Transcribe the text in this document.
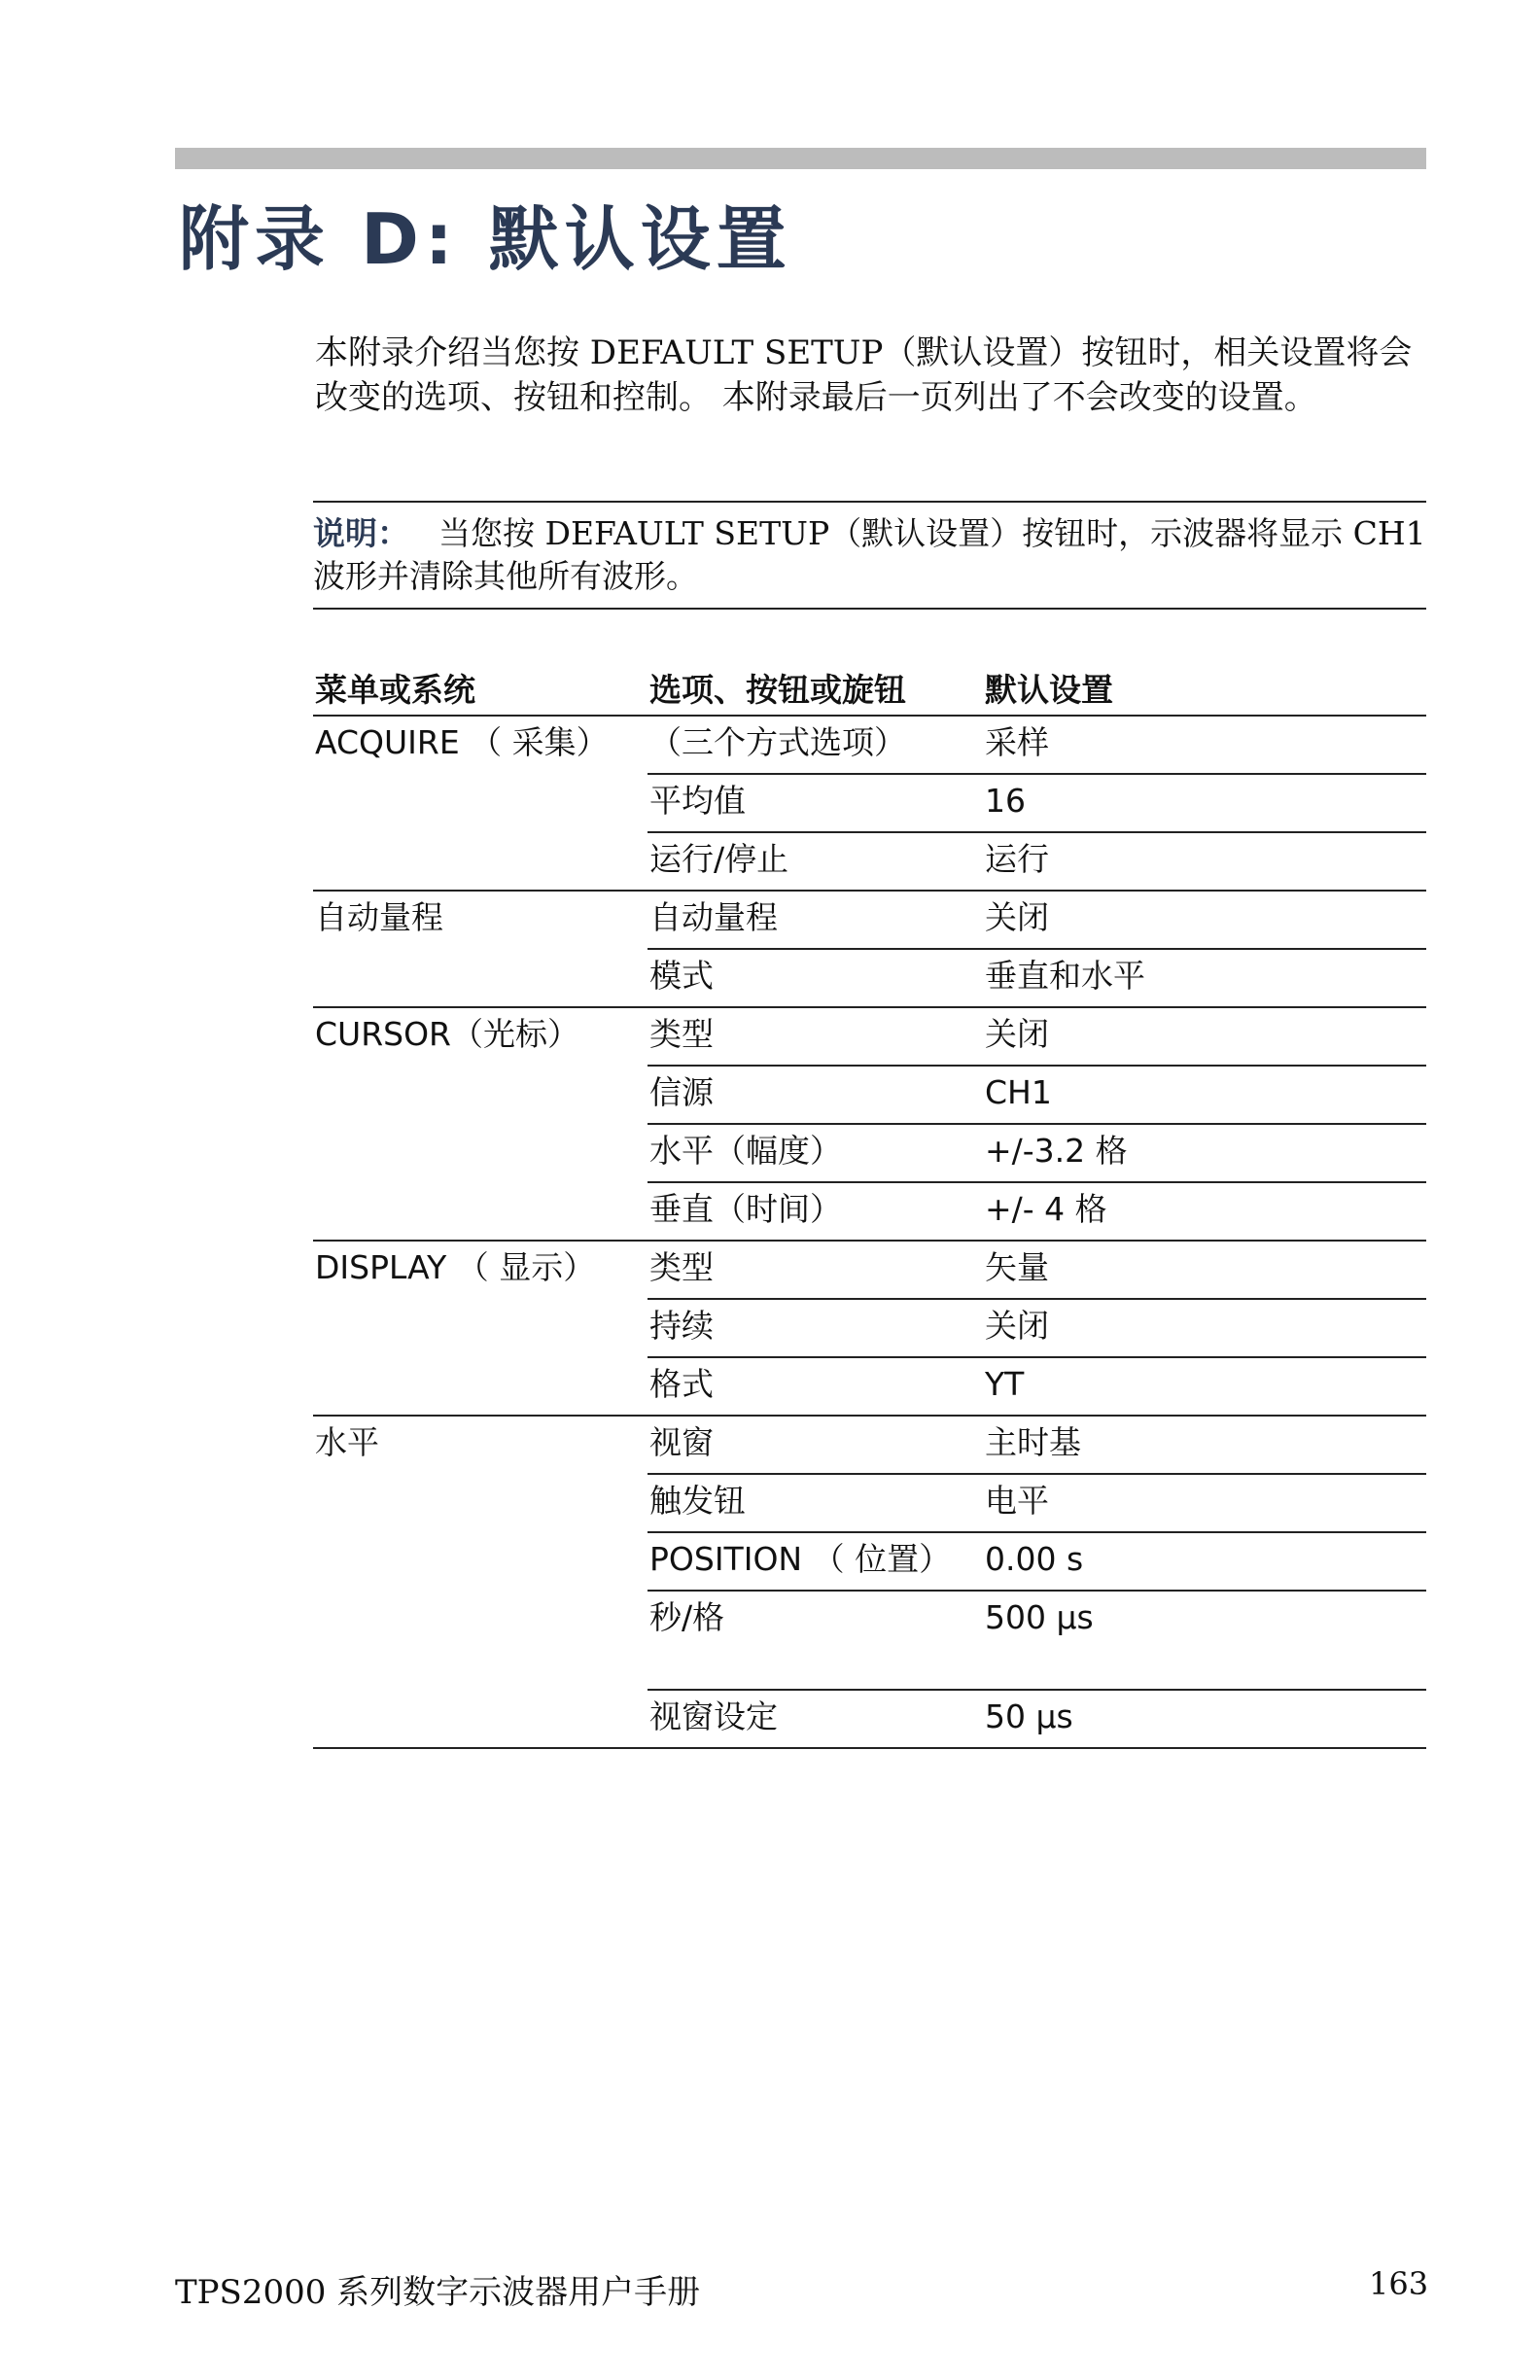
附录 D: 默认设置

本附录介绍当您按 DEFAULT SETUP（默认设置）按钮时，相关设置将会改变的选项、按钮和控制。 本附录最后一页列出了不会改变的设置。

说明： 当您按 DEFAULT SETUP（默认设置）按钮时，示波器将显示 CH1 波形并清除其他所有波形。
菜单或系统	选项、按钮或旋钮	默认设置
ACQUIRE （ 采集）	（三个方式选项）	采样
	平均值	16
	运行/停止	运行
自动量程	自动量程	关闭
	模式	垂直和水平
CURSOR（光标）	类型	关闭
	信源	CH1
	水平（幅度）	+/-3.2 格
	垂直（时间）	+/- 4 格
DISPLAY （ 显示）	类型	矢量
	持续	关闭
	格式	YT
水平	视窗	主时基
	触发钮	电平
	POSITION （ 位置）	0.00 s
	秒/格	500 µs
	视窗设定	50 µs
TPS2000 系列数字示波器用户手册	163
